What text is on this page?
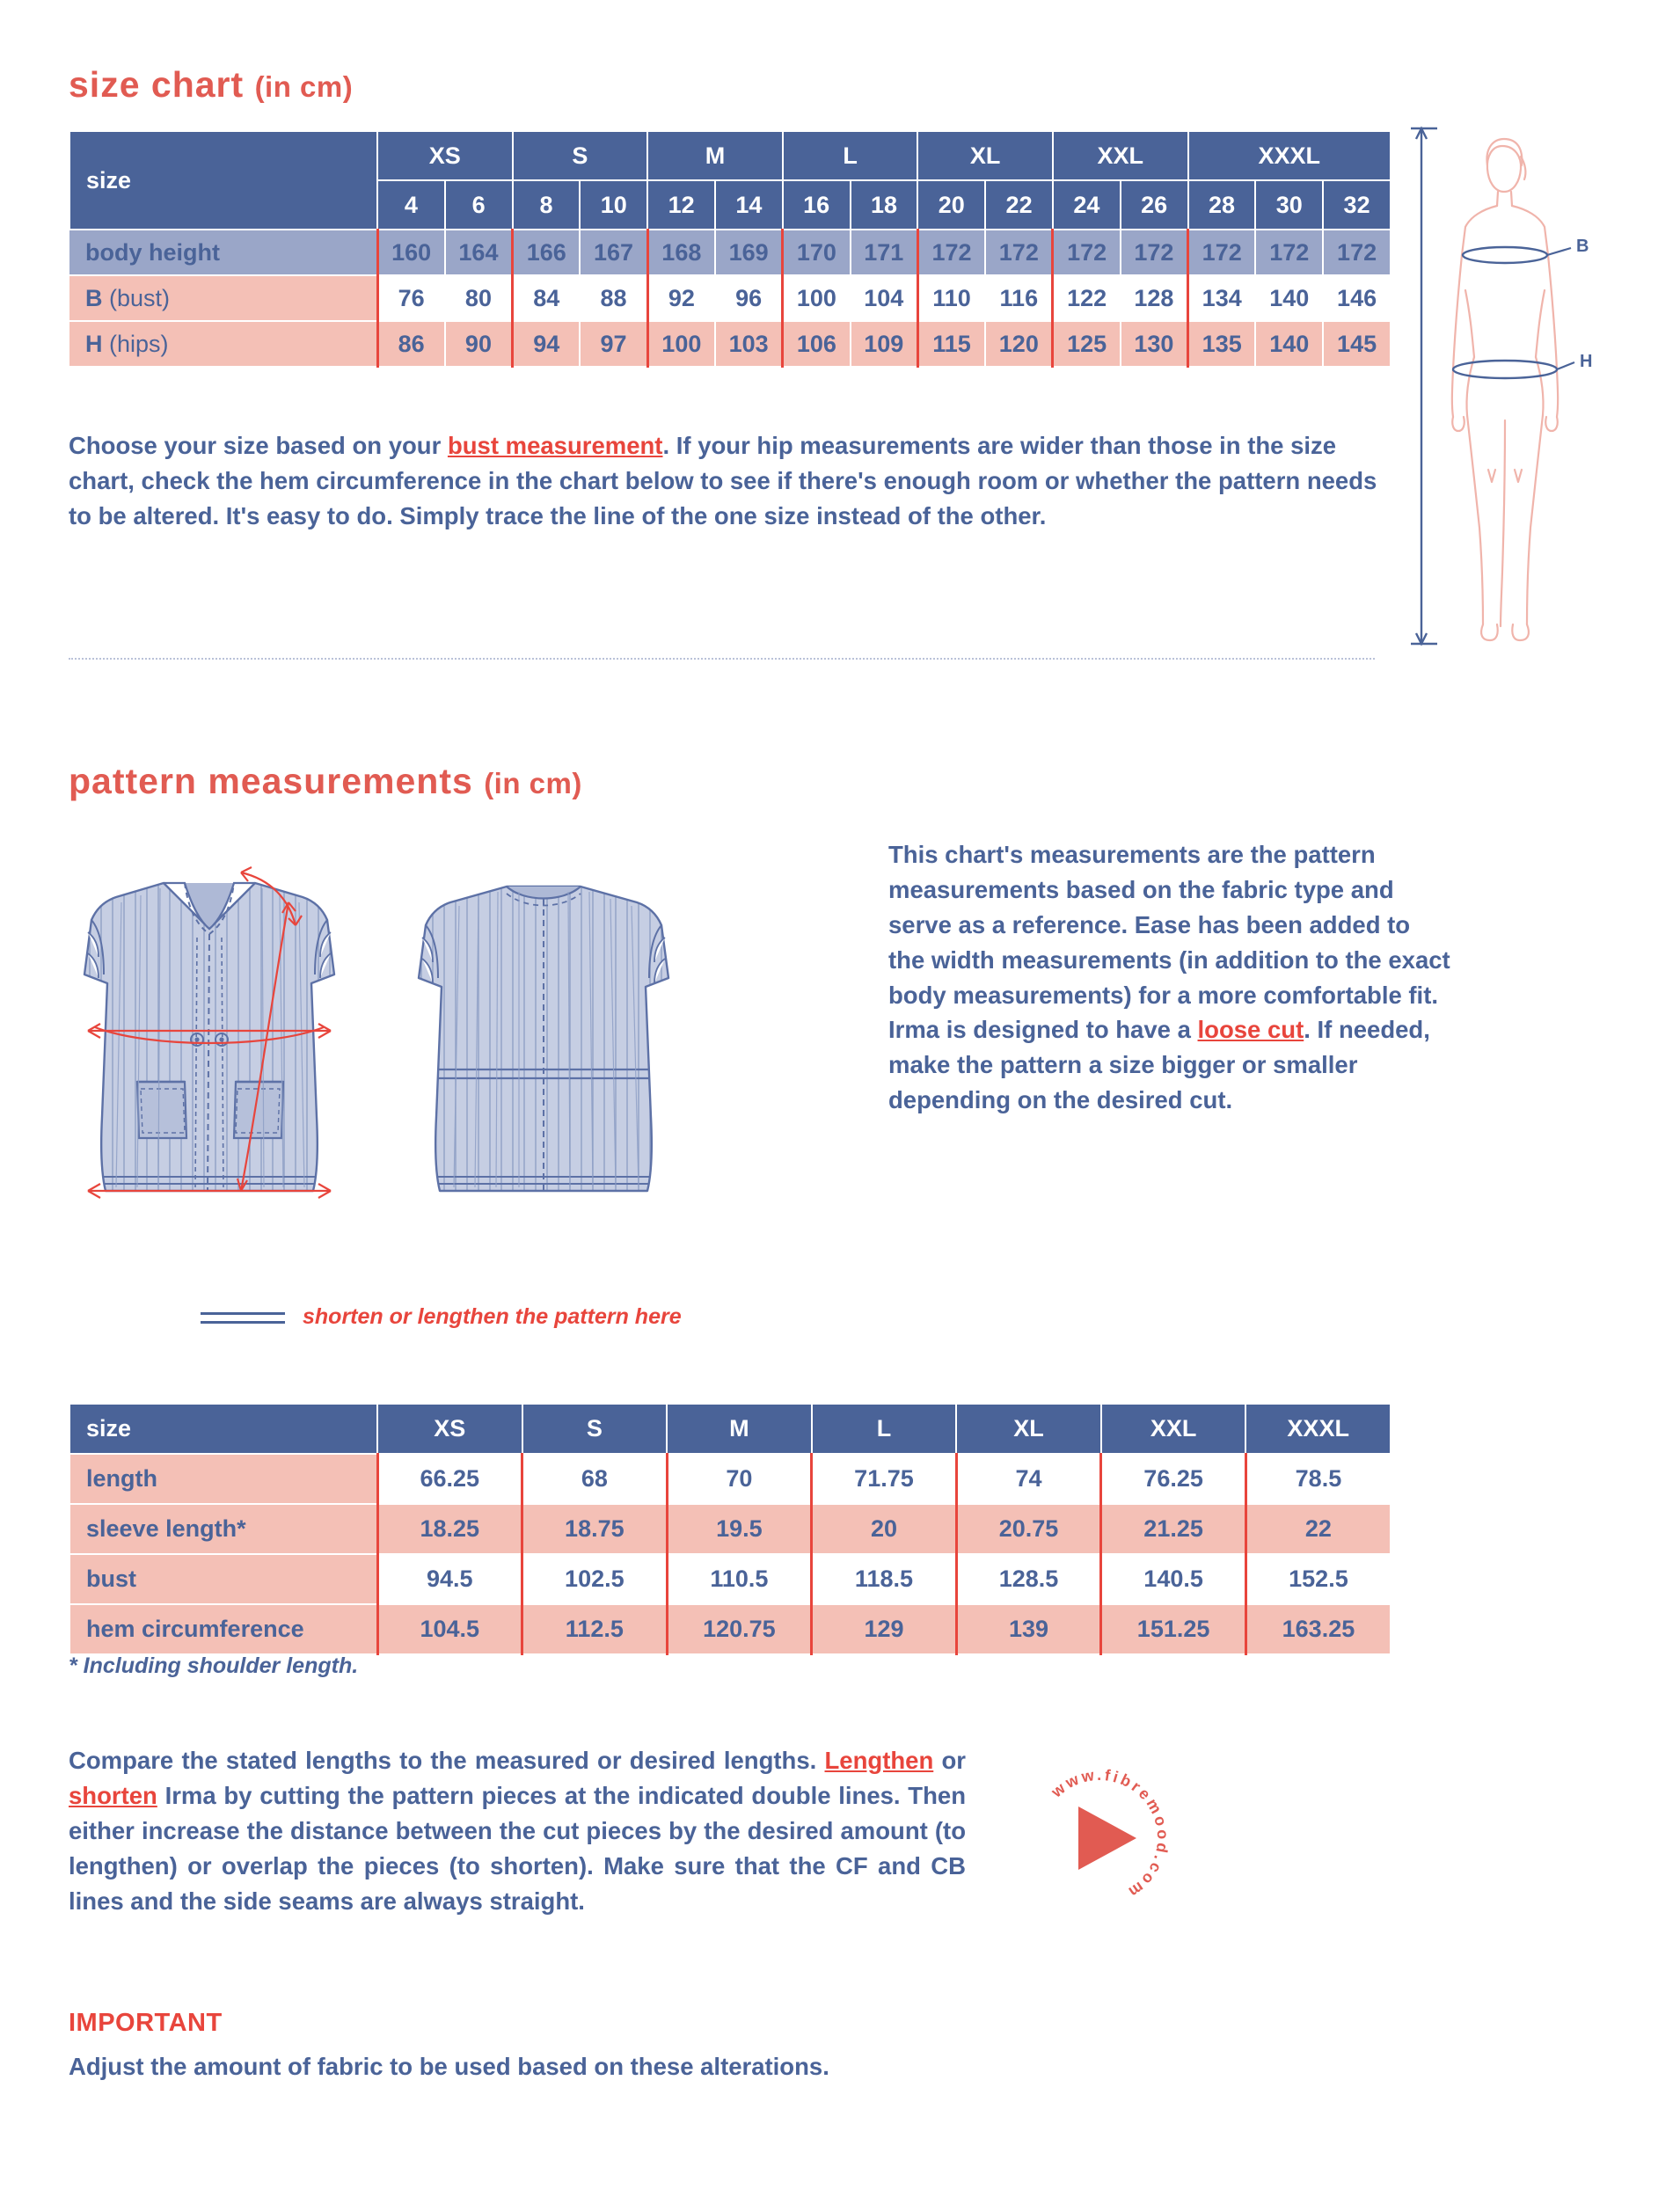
size chart (in cm)
size	XS		S		M		L		XL		XXL		XXXL		
	4	6	8	10	12	14	16	18	20	22	24	26	28	30	32
body height	160	164	166	167	168	169	170	171	172	172	172	172	172	172	172
B (bust)	76	80	84	88	92	96	100	104	110	116	122	128	134	140	146
H (hips)	86	90	94	97	100	103	106	109	115	120	125	130	135	140	145
B
H
Choose your size based on your bust measurement. If your hip measurements are wider than those in the size chart, check the hem circumference in the chart below to see if there's enough room or whether the pattern needs to be altered. It's easy to do. Simply trace the line of the one size instead of the other.
pattern measurements (in cm)
This chart's measurements are the pattern measurements based on the fabric type and serve as a reference. Ease has been added to the width measurements (in addition to the exact body measurements) for a more comfortable fit. Irma is designed to have a loose cut. If needed, make the pattern a size bigger or smaller depending on the desired cut.
shorten or lengthen the pattern here
size	XS	S	M	L	XL	XXL	XXXL
length	66.25	68	70	71.75	74	76.25	78.5
sleeve length*	18.25	18.75	19.5	20	20.75	21.25	22
bust	94.5	102.5	110.5	118.5	128.5	140.5	152.5
hem circumference	104.5	112.5	120.75	129	139	151.25	163.25
* Including shoulder length.
Compare the stated lengths to the measured or desired lengths. Lengthen or shorten Irma by cutting the pattern pieces at the indicated double lines. Then either increase the distance between the cut pieces by the desired amount (to lengthen) or overlap the pieces (to shorten). Make sure that the CF and CB lines and the side seams are always straight.
www.fibremood.com
IMPORTANT
Adjust the amount of fabric to be used based on these alterations.
